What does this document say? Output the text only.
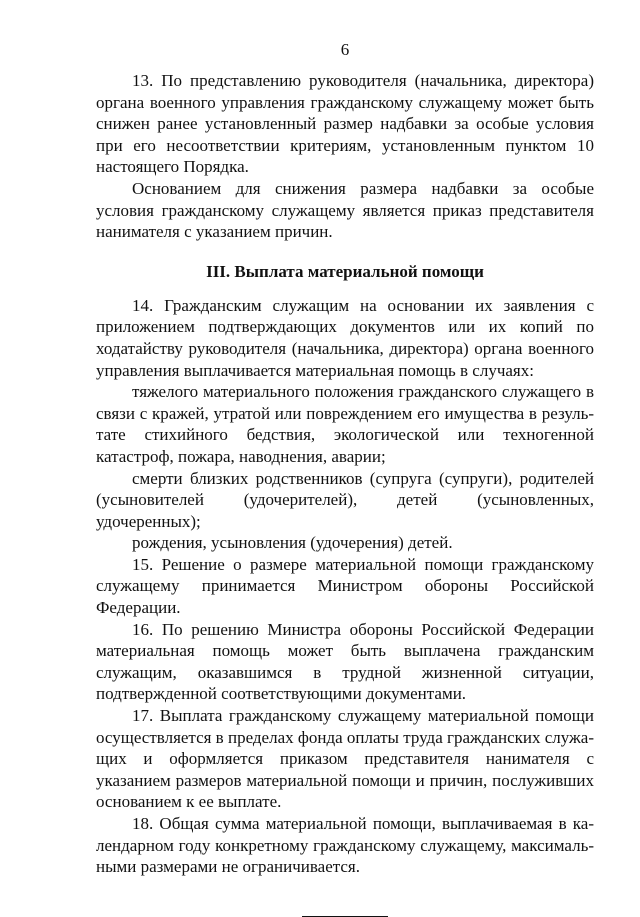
6

13. По представлению руководителя (начальника, директора) органа военного управления гражданскому служащему может быть снижен ранее установленный размер надбавки за особые условия при его несоответствии критериям, установленным пунктом 10 настоящего Порядка.

Основанием для снижения размера надбавки за особые условия гражданскому служащему является приказ представителя нанимателя с указанием причин.

III. Выплата материальной помощи

14. Гражданским служащим на основании их заявления с приложением подтверждающих документов или их копий по ходатайству руководителя (начальника, директора) органа военного управления выплачивается материальная помощь в случаях:

тяжелого материального положения гражданского служащего в связи с кражей, утратой или повреждением его имущества в результате стихийного бедствия, экологической или техногенной катастроф, пожара, наводнения, аварии;

смерти близких родственников (супруга (супруги), родителей (усыновителей (удочерителей), детей (усыновленных, удочеренных);

рождения, усыновления (удочерения) детей.

15. Решение о размере материальной помощи гражданскому служащему принимается Министром обороны Российской Федерации.

16. По решению Министра обороны Российской Федерации материальная помощь может быть выплачена гражданским служащим, оказавшимся в трудной жизненной ситуации, подтвержденной соответствующими документами.

17. Выплата гражданскому служащему материальной помощи осуществляется в пределах фонда оплаты труда гражданских служащих и оформляется приказом представителя нанимателя с указанием размеров материальной помощи и причин, послуживших основанием к ее выплате.

18. Общая сумма материальной помощи, выплачиваемая в календарном году конкретному гражданскому служащему, максимальными размерами не ограничивается.
